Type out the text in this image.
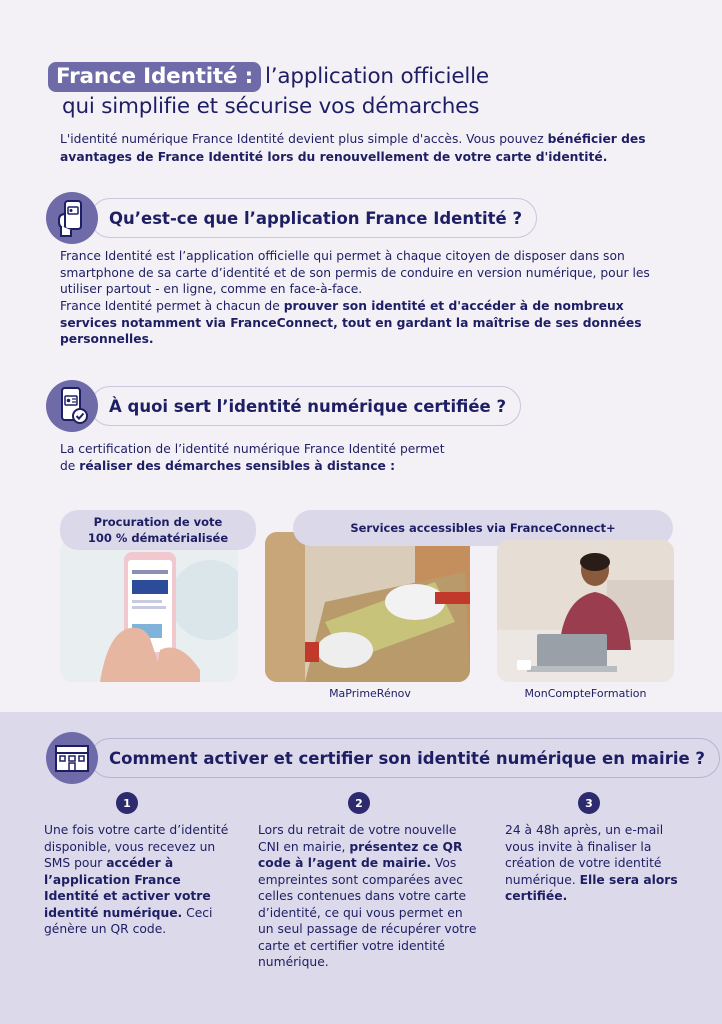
France Identité : l’application officielle
qui simplifie et sécurise vos démarches
L'identité numérique France Identité devient plus simple d'accès. Vous pouvez bénéficier des avantages de France Identité lors du renouvellement de votre carte d'identité.
Qu’est-ce que l’application France Identité ?
France Identité est l’application officielle qui permet à chaque citoyen de disposer dans son smartphone de sa carte d’identité et de son permis de conduire en version numérique, pour les utiliser partout - en ligne, comme en face-à-face.
France Identité permet à chacun de prouver son identité et d'accéder à de nombreux services notamment via FranceConnect, tout en gardant la maîtrise de ses données personnelles.
À quoi sert l’identité numérique certifiée ?
La certification de l’identité numérique France Identité permet
de réaliser des démarches sensibles à distance :
Procuration de vote
100 % dématérialisée
Services accessibles via FranceConnect+
MaPrimeRénov	MonCompteFormation
Comment activer et certifier son identité numérique en mairie ?
1
Une fois votre carte d’identité disponible, vous recevez un SMS pour accéder à l’application France Identité et activer votre identité numérique. Ceci génère un QR code.
2
Lors du retrait de votre nouvelle CNI en mairie, présentez ce QR code à l’agent de mairie. Vos empreintes sont comparées avec celles contenues dans votre carte d’identité, ce qui vous permet en un seul passage de récupérer votre carte et certifier votre identité numérique.
3
24 à 48h après, un e-mail vous invite à finaliser la création de votre identité numérique. Elle sera alors certifiée.
